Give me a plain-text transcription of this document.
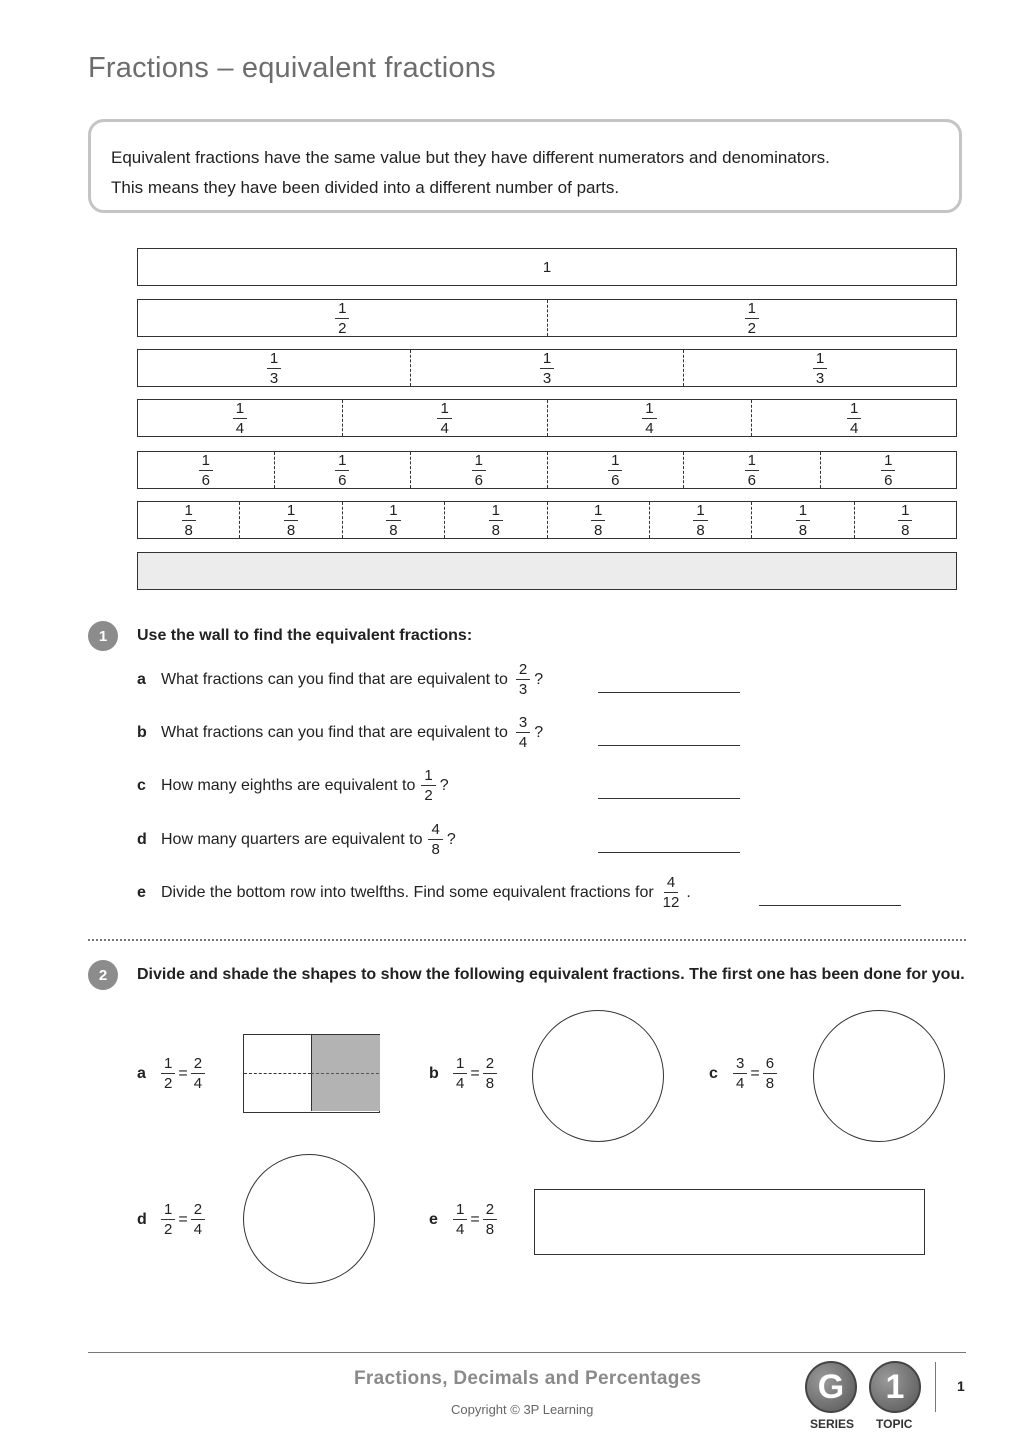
Fractions – equivalent fractions
Equivalent fractions have the same value but they have different numerators and denominators.
This means they have been divided into a different number of parts.
1
$\frac{1}{2}$	$\frac{1}{2}$
$\frac{1}{3}$	$\frac{1}{3}$	$\frac{1}{3}$
$\frac{1}{4}$	$\frac{1}{4}$	$\frac{1}{4}$	$\frac{1}{4}$
$\frac{1}{6}$	$\frac{1}{6}$	$\frac{1}{6}$	$\frac{1}{6}$	$\frac{1}{6}$	$\frac{1}{6}$
$\frac{1}{8}$	$\frac{1}{8}$	$\frac{1}{8}$	$\frac{1}{8}$	$\frac{1}{8}$	$\frac{1}{8}$	$\frac{1}{8}$	$\frac{1}{8}$
1	Use the wall to find the equivalent fractions:
a What fractions can you find that are equivalent to $\frac{2}{3}$ ?
b What fractions can you find that are equivalent to $\frac{3}{4}$ ?
c How many eighths are equivalent to $\frac{1}{2}$ ?
d How many quarters are equivalent to $\frac{4}{8}$ ?
e Divide the bottom row into twelfths. Find some equivalent fractions for $\frac{4}{12}$ .
2	Divide and shade the shapes to show the following equivalent fractions. The first one has been done for you.
a	$\frac{1}{2} = \frac{2}{4}$	b $\frac{1}{4} = \frac{2}{8}$	c	$\frac{3}{4} = \frac{6}{8}$
d $\frac{1}{2} = \frac{2}{4}$	e	$\frac{1}{4} = \frac{2}{8}$
Fractions, Decimals and Percentages
Copyright © 3P Learning
G
SERIES
1
TOPIC
1
